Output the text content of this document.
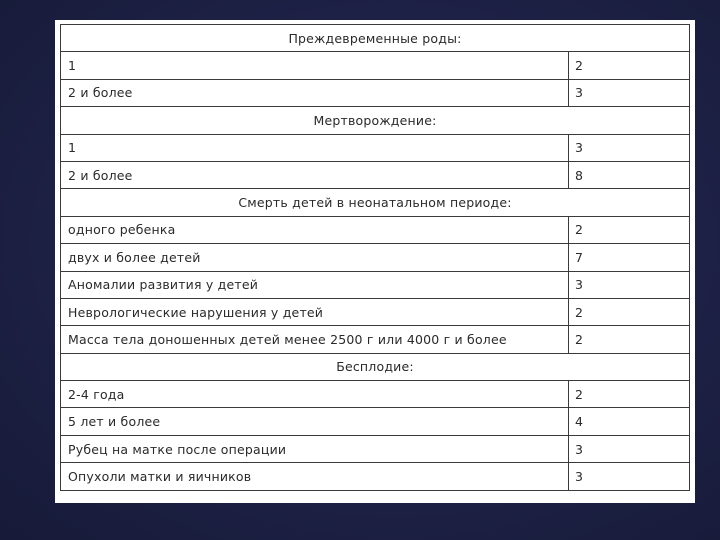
Преждевременные роды:	
1	2
2 и более	3
Мертворождение:	
1	3
2 и более	8
Смерть детей в неонатальном периоде:	
одного ребенка	2
двух и более детей	7
Аномалии развития у детей	3
Неврологические нарушения у детей	2
Масса тела доношенных детей менее 2500 г или 4000 г и более	2
Бесплодие:	
2-4 года	2
5 лет и более	4
Рубец на матке после операции	3
Опухоли матки и яичников	3
